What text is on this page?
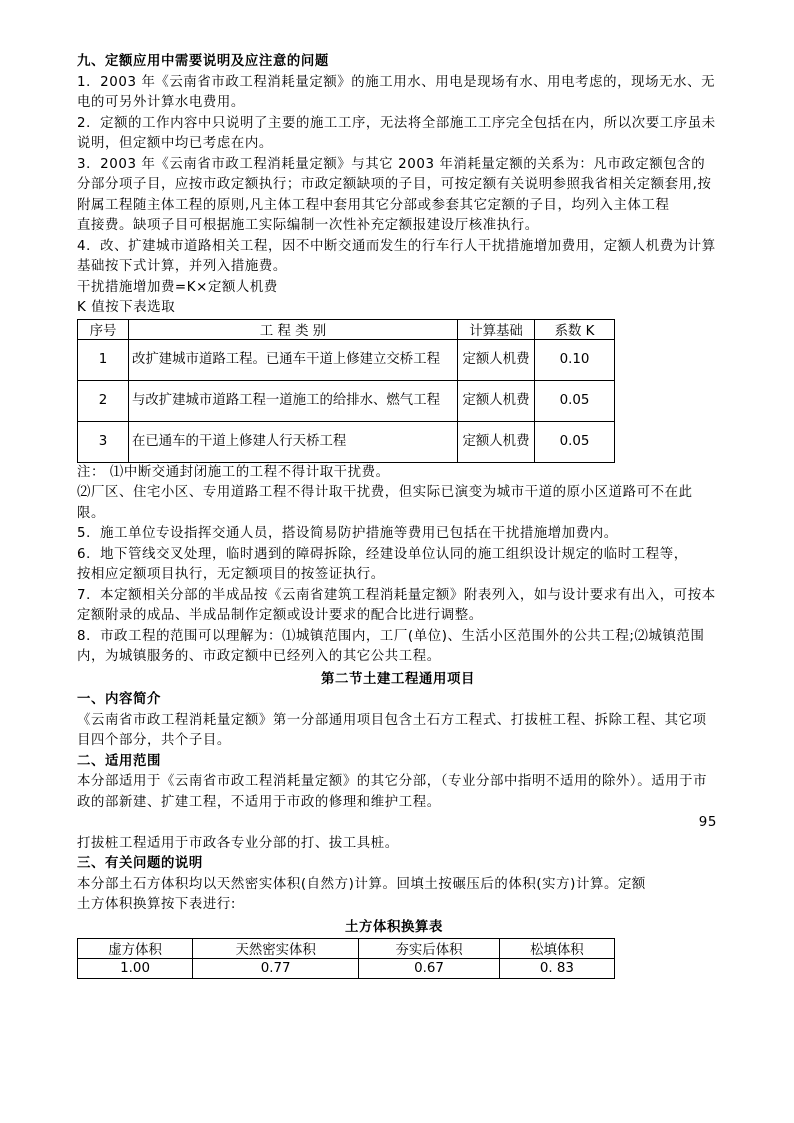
九、定额应用中需要说明及应注意的问题

1．2003 年《云南省市政工程消耗量定额》的施工用水、用电是现场有水、用电考虑的，现场无水、无电的可另外计算水电费用。

2．定额的工作内容中只说明了主要的施工工序，无法将全部施工工序完全包括在内，所以次要工序虽未说明，但定额中均已考虑在内。

3．2003 年《云南省市政工程消耗量定额》与其它 2003 年消耗量定额的关系为：凡市政定额包含的分部分项子目，应按市政定额执行；市政定额缺项的子目，可按定额有关说明参照我省相关定额套用,按附属工程随主体工程的原则,凡主体工程中套用其它分部或参套其它定额的子目，均列入主体工程

直接费。缺项子目可根据施工实际编制一次性补充定额报建设厅核准执行。

4．改、扩建城市道路相关工程，因不中断交通而发生的行车行人干扰措施增加费用，定额人机费为计算基础按下式计算，并列入措施费。

干扰措施增加费=K×定额人机费

K 值按下表选取

序号	工 程 类 别	计算基础	系数 K
1	改扩建城市道路工程。已通车干道上修建立交桥工程	定额人机费	0.10
2	与改扩建城市道路工程一道施工的给排水、燃气工程	定额人机费	0.05
3	在已通车的干道上修建人行天桥工程	定额人机费	0.05

注： ⑴中断交通封闭施工的工程不得计取干扰费。

⑵厂区、住宅小区、专用道路工程不得计取干扰费，但实际已演变为城市干道的原小区道路可不在此限。

5．施工单位专设指挥交通人员，搭设简易防护措施等费用已包括在干扰措施增加费内。

6．地下管线交叉处理，临时遇到的障碍拆除，经建设单位认同的施工组织设计规定的临时工程等，

按相应定额项目执行，无定额项目的按签证执行。

7．本定额相关分部的半成品按《云南省建筑工程消耗量定额》附表列入，如与设计要求有出入，可按本定额附录的成品、半成品制作定额或设计要求的配合比进行调整。

8．市政工程的范围可以理解为：⑴城镇范围内，工厂(单位)、生活小区范围外的公共工程;⑵城镇范围内，为城镇服务的、市政定额中已经列入的其它公共工程。

第二节土建工程通用项目

一、内容简介

《云南省市政工程消耗量定额》第一分部通用项目包含土石方工程式、打拔桩工程、拆除工程、其它项目四个部分，共个子目。

二、适用范围

本分部适用于《云南省市政工程消耗量定额》的其它分部，（专业分部中指明不适用的除外）。适用于市政的部新建、扩建工程，不适用于市政的修理和维护工程。

95

打拔桩工程适用于市政各专业分部的打、拔工具桩。

三、有关问题的说明

本分部土石方体积均以天然密实体积(自然方)计算。回填土按碾压后的体积(实方)计算。定额

土方体积换算按下表进行:

土方体积换算表

虚方体积	天然密实体积	夯实后体积	松填体积
1.00	0.77	0.67	0. 83
